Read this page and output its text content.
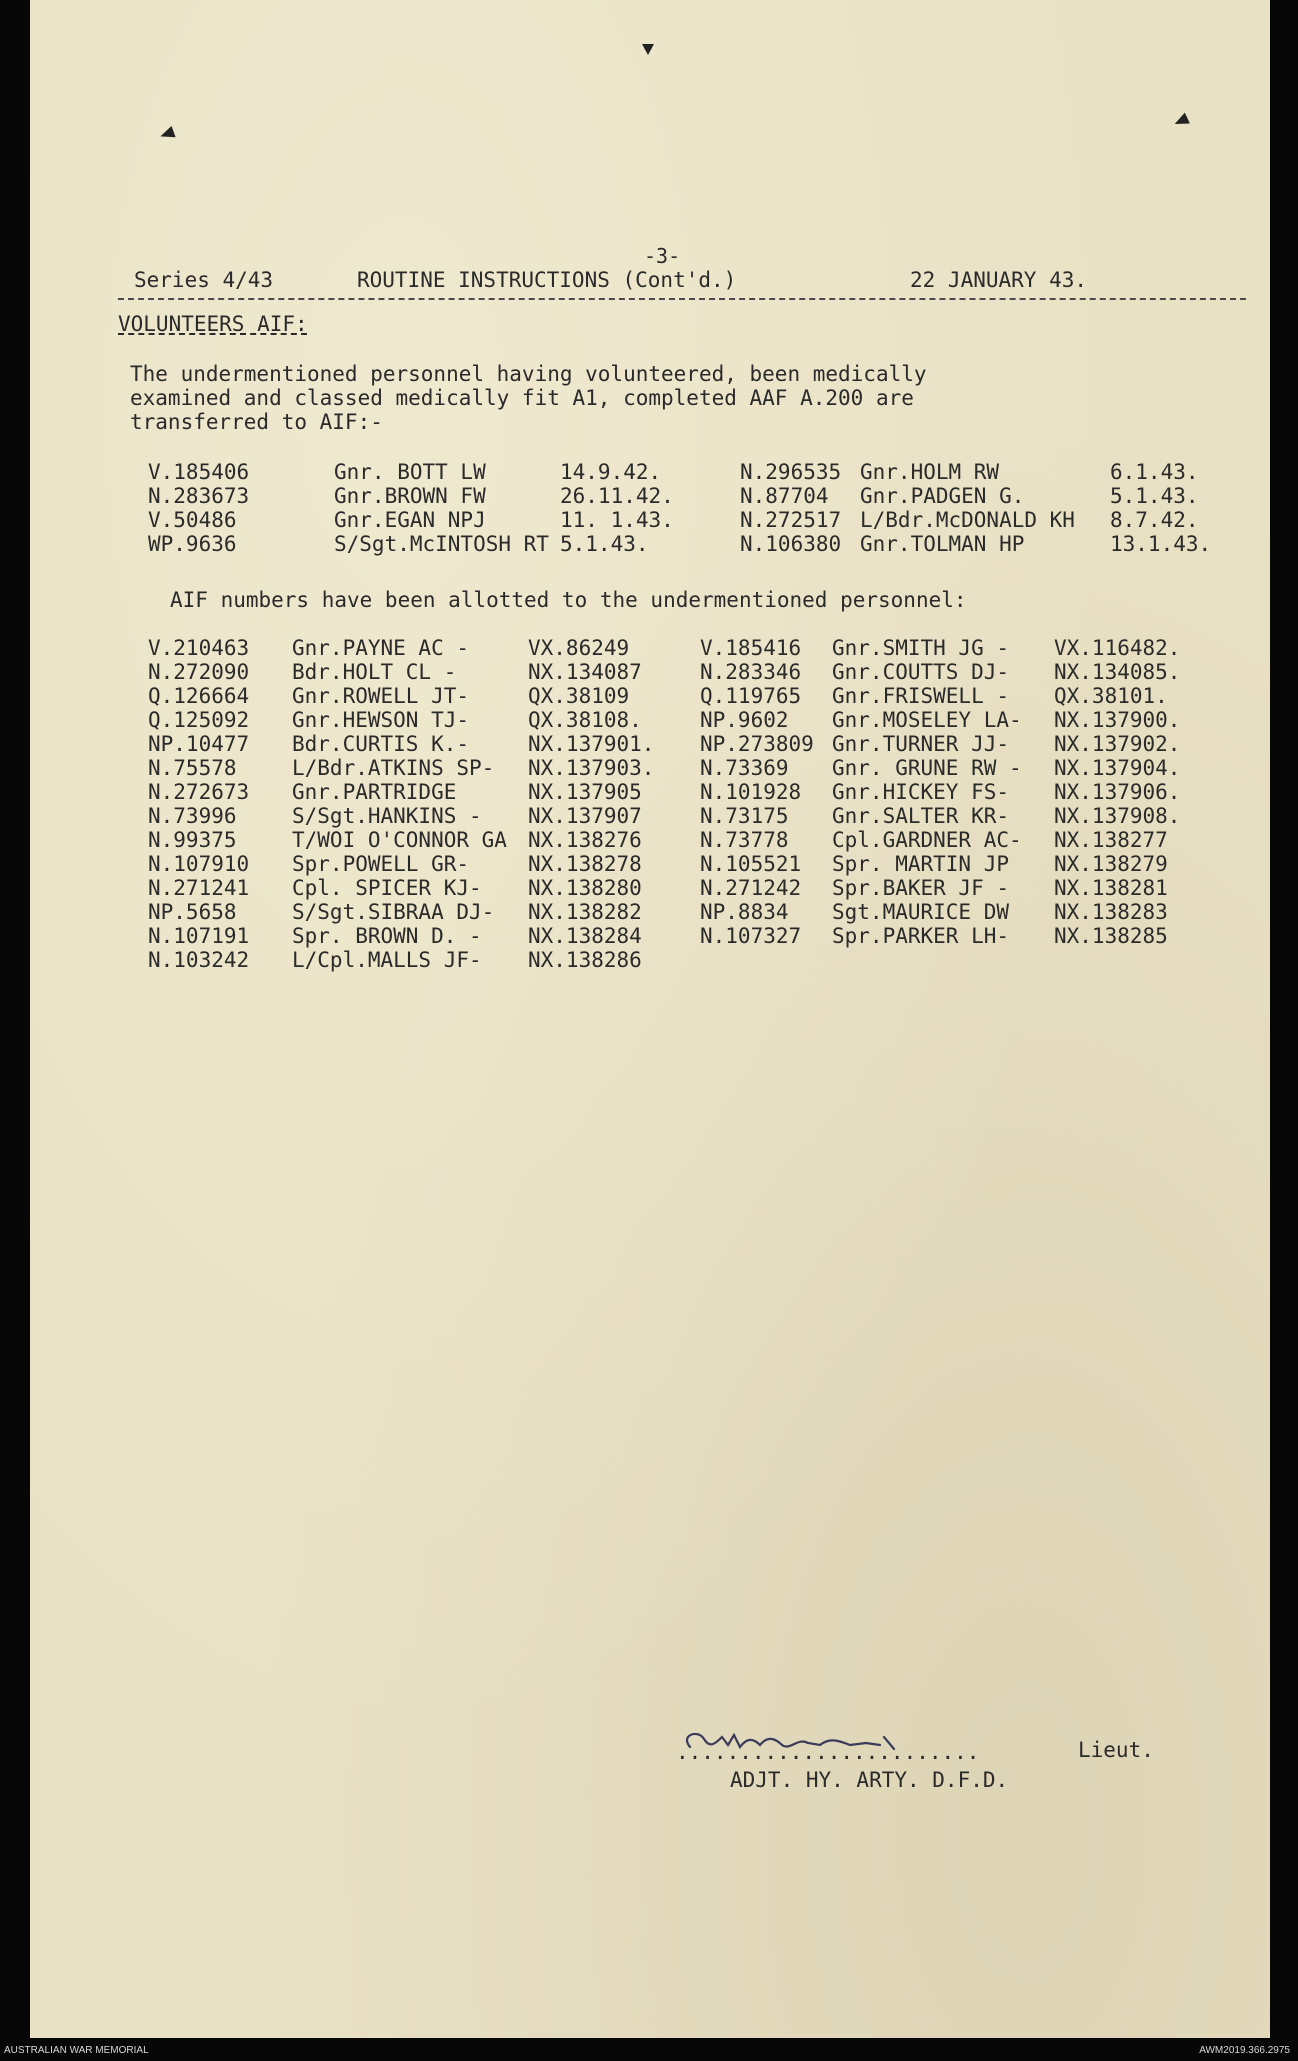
-3-
Series 4/43	ROUTINE INSTRUCTIONS (Cont'd.)	22 JANUARY 43.
VOLUNTEERS AIF:
The undermentioned personnel having volunteered, been medically
examined and classed medically fit A1, completed AAF A.200 are
transferred to AIF:-
V.185406	Gnr. BOTT LW	14.9.42.	N.296535 Gnr.HOLM RW	6.1.43.
N.283673	Gnr.BROWN FW	26.11.42.	N.87704 Gnr.PADGEN G.	5.1.43.
V.50486	Gnr.EGAN NPJ	11. 1.43.	N.272517 L/Bdr.McDONALD KH 8.7.42.
WP.9636	S/Sgt.McINTOSH RT 5.1.43.	N.106380 Gnr.TOLMAN HP	13.1.43.
AIF numbers have been allotted to the undermentioned personnel:
V.210463 Gnr.PAYNE AC -	VX.86249	V.185416 Gnr.SMITH JG - VX.116482.
N.272090 Bdr.HOLT CL -	NX.134087	N.283346 Gnr.COUTTS DJ- NX.134085.
Q.126664 Gnr.ROWELL JT-	QX.38109	Q.119765 Gnr.FRISWELL - QX.38101.
Q.125092 Gnr.HEWSON TJ-	QX.38108.	NP.9602 Gnr.MOSELEY LA- NX.137900.
NP.10477 Bdr.CURTIS K.-	NX.137901. NP.273809 Gnr.TURNER JJ- NX.137902.
N.75578	L/Bdr.ATKINS SP- NX.137903. N.73369 Gnr. GRUNE RW - NX.137904.
N.272673 Gnr.PARTRIDGE	NX.137905	N.101928 Gnr.HICKEY FS- NX.137906.
N.73996	S/Sgt.HANKINS - NX.137907	N.73175 Gnr.SALTER KR- NX.137908.
N.99375	T/WOI O'CONNOR GA NX.138276	N.73778 Cpl.GARDNER AC- NX.138277
N.107910 Spr.POWELL GR-	NX.138278	N.105521 Spr. MARTIN JP NX.138279
N.271241 Cpl. SPICER KJ- NX.138280	N.271242 Spr.BAKER JF - NX.138281
NP.5658	S/Sgt.SIBRAA DJ- NX.138282	NP.8834 Sgt.MAURICE DW NX.138283
N.107191 Spr. BROWN D. - NX.138284	N.107327 Spr.PARKER LH- NX.138285
N.103242 L/Cpl.MALLS JF- NX.138286
........................	Lieut.
ADJT. HY. ARTY. D.F.D.
AUSTRALIAN WAR MEMORIAL	AWM2019.366.2975
